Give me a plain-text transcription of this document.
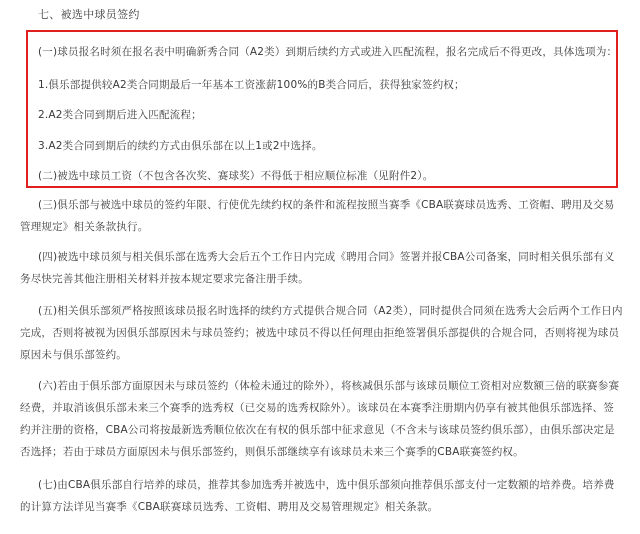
七、被选中球员签约
(一)球员报名时须在报名表中明确新秀合同（A2类）到期后续约方式或进入匹配流程，报名完成后不得更改，具体选项为：
1.俱乐部提供较A2类合同期最后一年基本工资涨薪100%的B类合同后，获得独家签约权；
2.A2类合同到期后进入匹配流程；
3.A2类合同到期后的续约方式由俱乐部在以上1或2中选择。
(二)被选中球员工资（不包含各次奖、赛球奖）不得低于相应顺位标准（见附件2）。
(三)俱乐部与被选中球员的签约年限、行使优先续约权的条件和流程按照当赛季《CBA联赛球员选秀、工资帽、聘用及交易管理规定》相关条款执行。
(四)被选中球员须与相关俱乐部在选秀大会后五个工作日内完成《聘用合同》签署并报CBA公司备案，同时相关俱乐部有义务尽快完善其他注册相关材料并按本规定要求完备注册手续。
(五)相关俱乐部须严格按照该球员报名时选择的续约方式提供合规合同（A2类），同时提供合同须在选秀大会后两个工作日内完成，否则将被视为因俱乐部原因未与球员签约；被选中球员不得以任何理由拒绝签署俱乐部提供的合规合同，否则将视为球员原因未与俱乐部签约。
(六)若由于俱乐部方面原因未与球员签约（体检未通过的除外），将核减俱乐部与该球员顺位工资相对应数额三倍的联赛参赛经费，并取消该俱乐部未来三个赛季的选秀权（已交易的选秀权除外）。该球员在本赛季注册期内仍享有被其他俱乐部选择、签约并注册的资格，CBA公司将按最新选秀顺位依次在有权的俱乐部中征求意见（不含未与该球员签约俱乐部），由俱乐部决定是否选择；若由于球员方面原因未与俱乐部签约，则俱乐部继续享有该球员未来三个赛季的CBA联赛签约权。
(七)由CBA俱乐部自行培养的球员，推荐其参加选秀并被选中，选中俱乐部须向推荐俱乐部支付一定数额的培养费。培养费的计算方法详见当赛季《CBA联赛球员选秀、工资帽、聘用及交易管理规定》相关条款。
